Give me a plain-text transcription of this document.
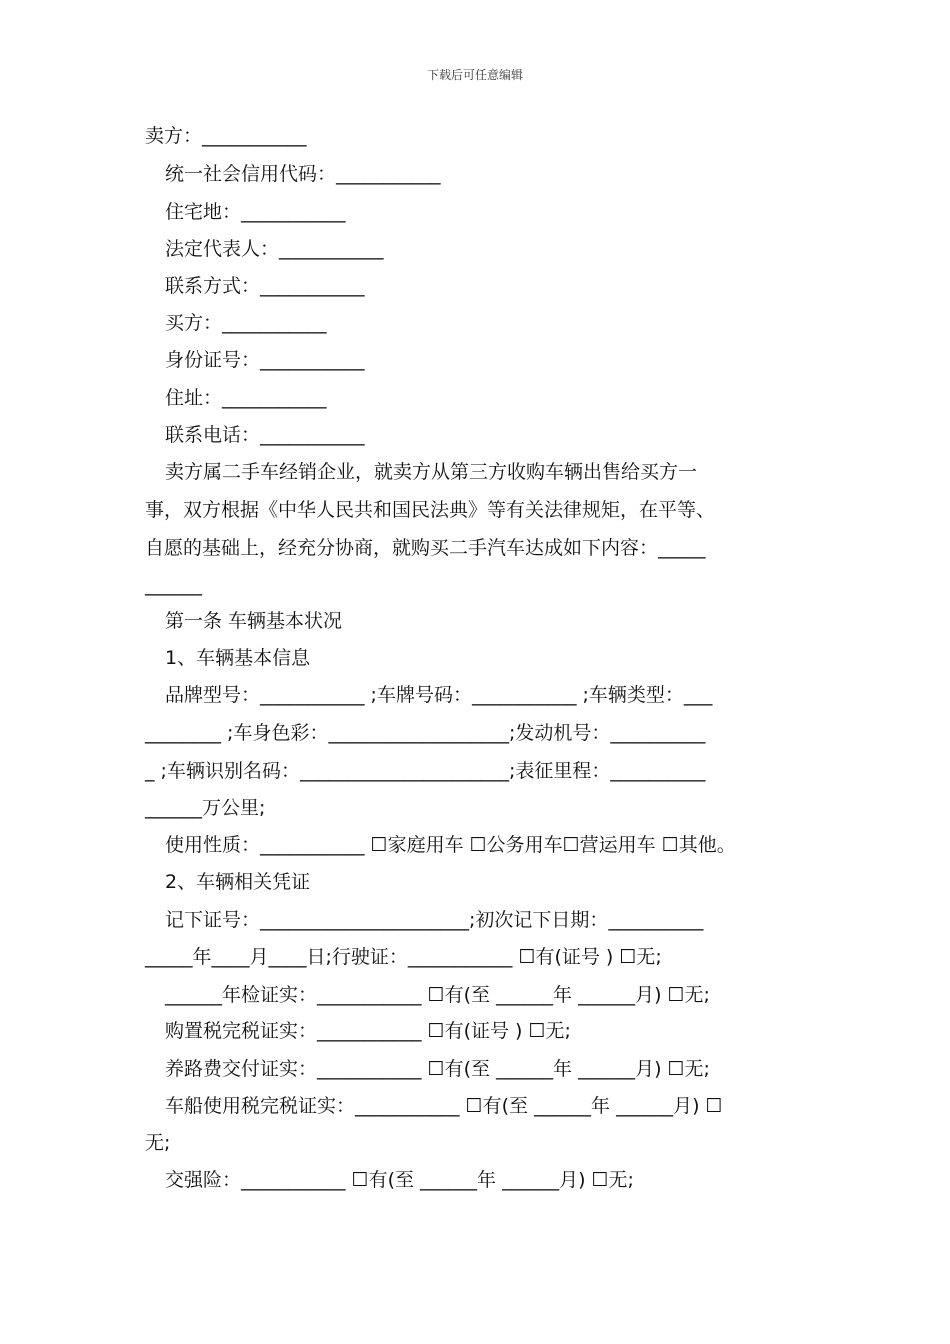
下载后可任意编辑
卖方：___________
统一社会信用代码：___________
住宅地：___________
法定代表人：___________
联系方式：___________
买方：___________
身份证号：___________
住址：___________
联系电话：___________
卖方属二手车经销企业，就卖方从第三方收购车辆出售给买方一
事，双方根据《中华人民共和国民法典》等有关法律规矩，在平等、
自愿的基础上，经充分协商，就购买二手汽车达成如下内容：_____
______
第一条 车辆基本状况
1、车辆基本信息
品牌型号：___________ ;车牌号码：___________ ;车辆类型：___
________ ;车身色彩：___________________;发动机号：__________
_ ;车辆识别名码：______________________;表征里程：__________
______万公里;
使用性质：___________ ☐家庭用车 ☐公务用车☐营运用车 ☐其他。
2、车辆相关凭证
记下证号：______________________;初次记下日期：__________
_____年____月____日;行驶证：___________ ☐有(证号 ) ☐无;
______年检证实：___________ ☐有(至 ______年 ______月) ☐无;
购置税完税证实：___________ ☐有(证号 ) ☐无;
养路费交付证实：___________ ☐有(至 ______年 ______月) ☐无;
车船使用税完税证实：___________ ☐有(至 ______年 ______月) ☐
无;
交强险：___________ ☐有(至 ______年 ______月) ☐无;
